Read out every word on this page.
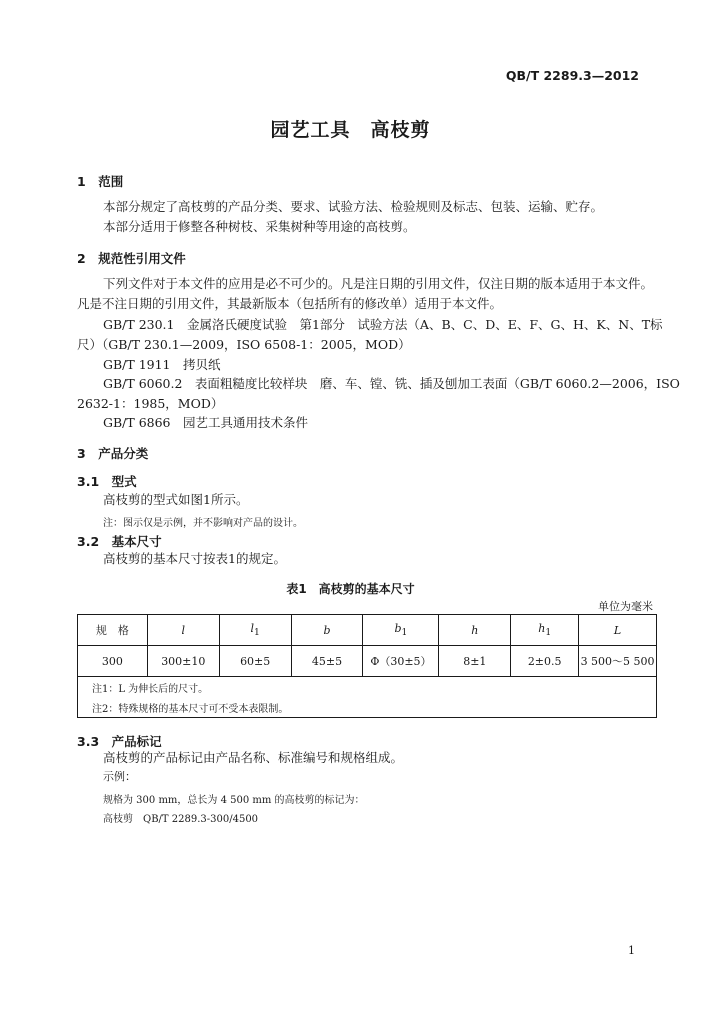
QB/T 2289.3—2012
园艺工具　高枝剪
1　范围
本部分规定了高枝剪的产品分类、要求、试验方法、检验规则及标志、包装、运输、贮存。
本部分适用于修整各种树枝、采集树种等用途的高枝剪。
2　规范性引用文件
下列文件对于本文件的应用是必不可少的。凡是注日期的引用文件，仅注日期的版本适用于本文件。
凡是不注日期的引用文件，其最新版本（包括所有的修改单）适用于本文件。
GB/T 230.1　金属洛氏硬度试验　第1部分　试验方法（A、B、C、D、E、F、G、H、K、N、T标
尺）（GB/T 230.1—2009，ISO 6508-1：2005，MOD）
GB/T 1911　拷贝纸
GB/T 6060.2　表面粗糙度比较样块　磨、车、镗、铣、插及刨加工表面（GB/T 6060.2—2006，ISO
2632-1：1985，MOD）
GB/T 6866　园艺工具通用技术条件
3　产品分类
3.1　型式
高枝剪的型式如图1所示。
注：图示仅是示例，并不影响对产品的设计。
3.2　基本尺寸
高枝剪的基本尺寸按表1的规定。
表1　高枝剪的基本尺寸
单位为毫米
规　格	l	$l_1$	b	$b_1$	h	$h_1$	L
300	300±10	60±5	45±5	Φ（30±5）	8±1	2±0.5	3 500～5 500
注1：L 为伸长后的尺寸。							
注2：特殊规格的基本尺寸可不受本表限制。							
3.3　产品标记
高枝剪的产品标记由产品名称、标准编号和规格组成。
示例：
规格为 300 mm，总长为 4 500 mm 的高枝剪的标记为：
高枝剪　QB/T 2289.3-300/4500
1
